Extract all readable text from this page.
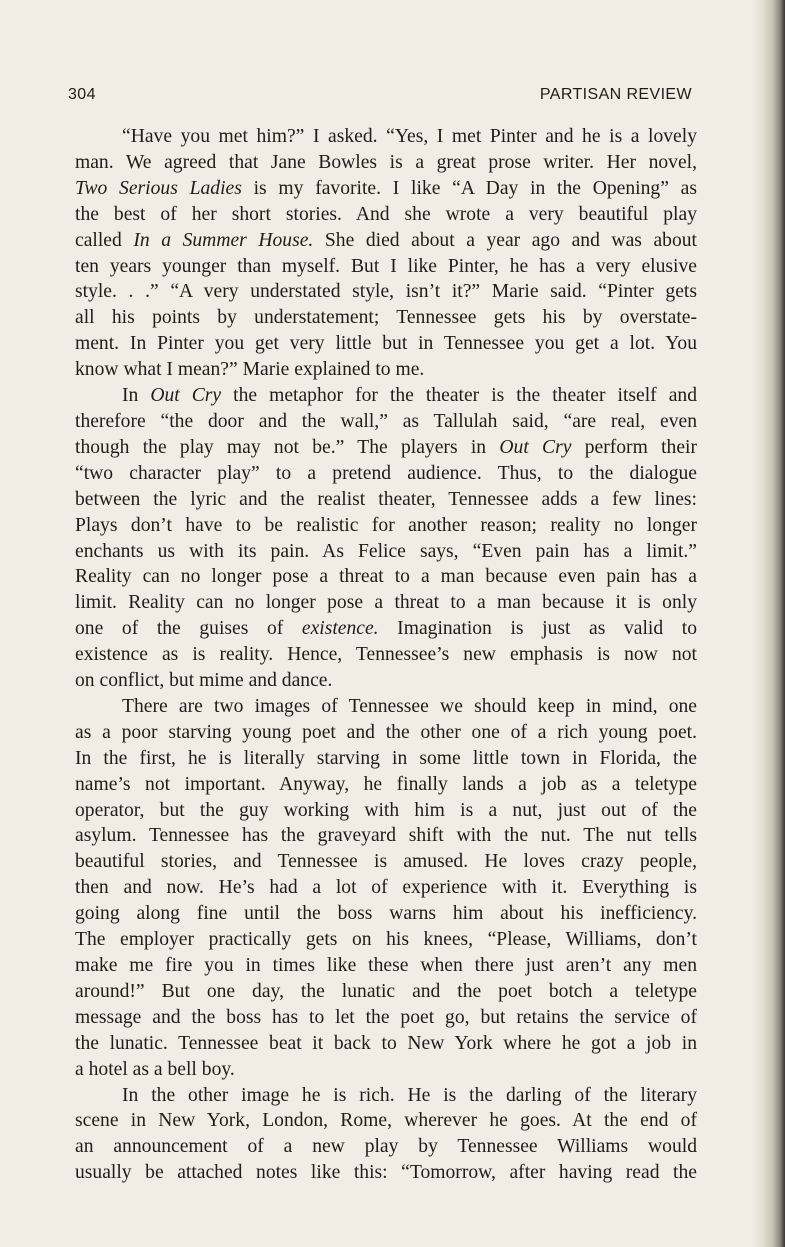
304	PARTISAN REVIEW

“Have you met him?” I asked. “Yes, I met Pinter and he is a lovely
man. We agreed that Jane Bowles is a great prose writer. Her novel,
Two Serious Ladies is my favorite. I like “A Day in the Opening” as
the best of her short stories. And she wrote a very beautiful play
called In a Summer House. She died about a year ago and was about
ten years younger than myself. But I like Pinter, he has a very elusive
style. . .” “A very understated style, isn’t it?” Marie said. “Pinter gets
all his points by understatement; Tennessee gets his by overstate-
ment. In Pinter you get very little but in Tennessee you get a lot. You
know what I mean?” Marie explained to me.

In Out Cry the metaphor for the theater is the theater itself and
therefore “the door and the wall,” as Tallulah said, “are real, even
though the play may not be.” The players in Out Cry perform their
“two character play” to a pretend audience. Thus, to the dialogue
between the lyric and the realist theater, Tennessee adds a few lines:
Plays don’t have to be realistic for another reason; reality no longer
enchants us with its pain. As Felice says, “Even pain has a limit.”
Reality can no longer pose a threat to a man because even pain has a
limit. Reality can no longer pose a threat to a man because it is only
one of the guises of existence. Imagination is just as valid to
existence as is reality. Hence, Tennessee’s new emphasis is now not
on conflict, but mime and dance.

There are two images of Tennessee we should keep in mind, one
as a poor starving young poet and the other one of a rich young poet.
In the first, he is literally starving in some little town in Florida, the
name’s not important. Anyway, he finally lands a job as a teletype
operator, but the guy working with him is a nut, just out of the
asylum. Tennessee has the graveyard shift with the nut. The nut tells
beautiful stories, and Tennessee is amused. He loves crazy people,
then and now. He’s had a lot of experience with it. Everything is
going along fine until the boss warns him about his inefficiency.
The employer practically gets on his knees, “Please, Williams, don’t
make me fire you in times like these when there just aren’t any men
around!” But one day, the lunatic and the poet botch a teletype
message and the boss has to let the poet go, but retains the service of
the lunatic. Tennessee beat it back to New York where he got a job in
a hotel as a bell boy.

In the other image he is rich. He is the darling of the literary
scene in New York, London, Rome, wherever he goes. At the end of
an announcement of a new play by Tennessee Williams would
usually be attached notes like this: “Tomorrow, after having read the
